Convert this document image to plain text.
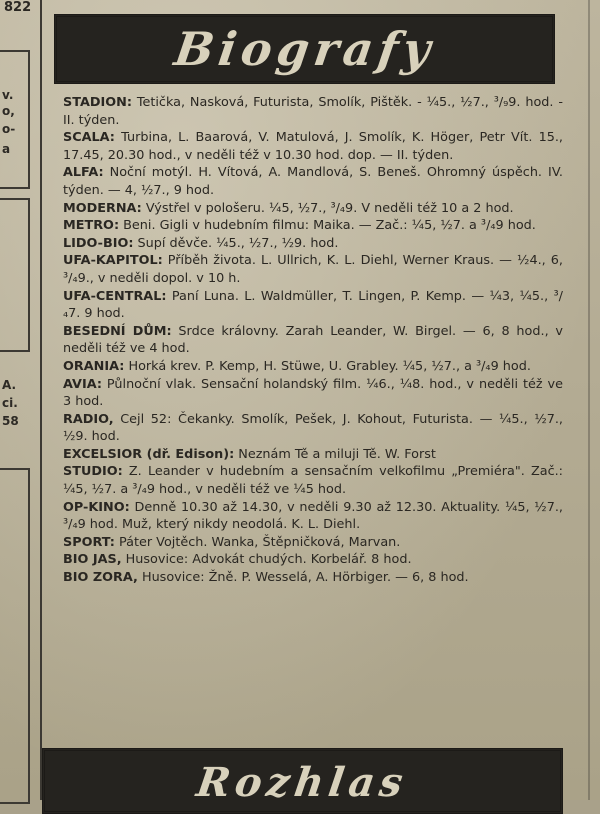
822
v.
o,
o-
a
A.
ci.
58
Biografy

STADION: Tetička, Nasková, Futurista, Smolík, Pištěk. - ¼5., ½7., ³/₉9. hod. - II. týden.

SCALA: Turbina, L. Baarová, V. Matulová, J. Smolík, K. Höger, Petr Vít. 15., 17.45, 20.30 hod., v neděli též v 10.30 hod. dop. — II. týden.

ALFA: Noční motýl. H. Vítová, A. Mandlová, S. Beneš. Ohromný úspěch. IV. týden. — 4, ½7., 9 hod.

MODERNA: Výstřel v pološeru. ¼5, ½7., ³/₄9. V neděli též 10 a 2 hod.

METRO: Beni. Gigli v hudebním filmu: Maika. — Zač.: ¼5, ½7. a ³/₄9 hod.

LIDO-BIO: Supí děvče. ¼5., ½7., ½9. hod.

UFA-KAPITOL: Příběh života. L. Ullrich, K. L. Diehl, Werner Kraus. — ½4., 6, ³/₄9., v neděli dopol. v 10 h.

UFA-CENTRAL: Paní Luna. L. Waldmüller, T. Lingen, P. Kemp. — ¼3, ¼5., ³/₄7. 9 hod.

BESEDNÍ DŮM: Srdce královny. Zarah Leander, W. Birgel. — 6, 8 hod., v neděli též ve 4 hod.

ORANIA: Horká krev. P. Kemp, H. Stüwe, U. Grabley. ¼5, ½7., a ³/₄9 hod.

AVIA: Půlnoční vlak. Sensační holandský film. ¼6., ¼8. hod., v neděli též ve 3 hod.

RADIO, Cejl 52: Čekanky. Smolík, Pešek, J. Kohout, Futurista. — ¼5., ½7., ½9. hod.

EXCELSIOR (dř. Edison): Neznám Tě a miluji Tě. W. Forst

STUDIO: Z. Leander v hudebním a sensačním velkofilmu „Premiéra". Zač.: ¼5, ½7. a ³/₄9 hod., v neděli též ve ¼5 hod.

OP-KINO: Denně 10.30 až 14.30, v neděli 9.30 až 12.30. Aktuality. ¼5, ½7., ³/₄9 hod. Muž, který nikdy neodolá. K. L. Diehl.

SPORT: Páter Vojtěch. Wanka, Štěpničková, Marvan.

BIO JAS, Husovice: Advokát chudých. Korbelář. 8 hod.

BIO ZORA, Husovice: Žně. P. Wesselá, A. Hörbiger. — 6, 8 hod.

Rozhlas
